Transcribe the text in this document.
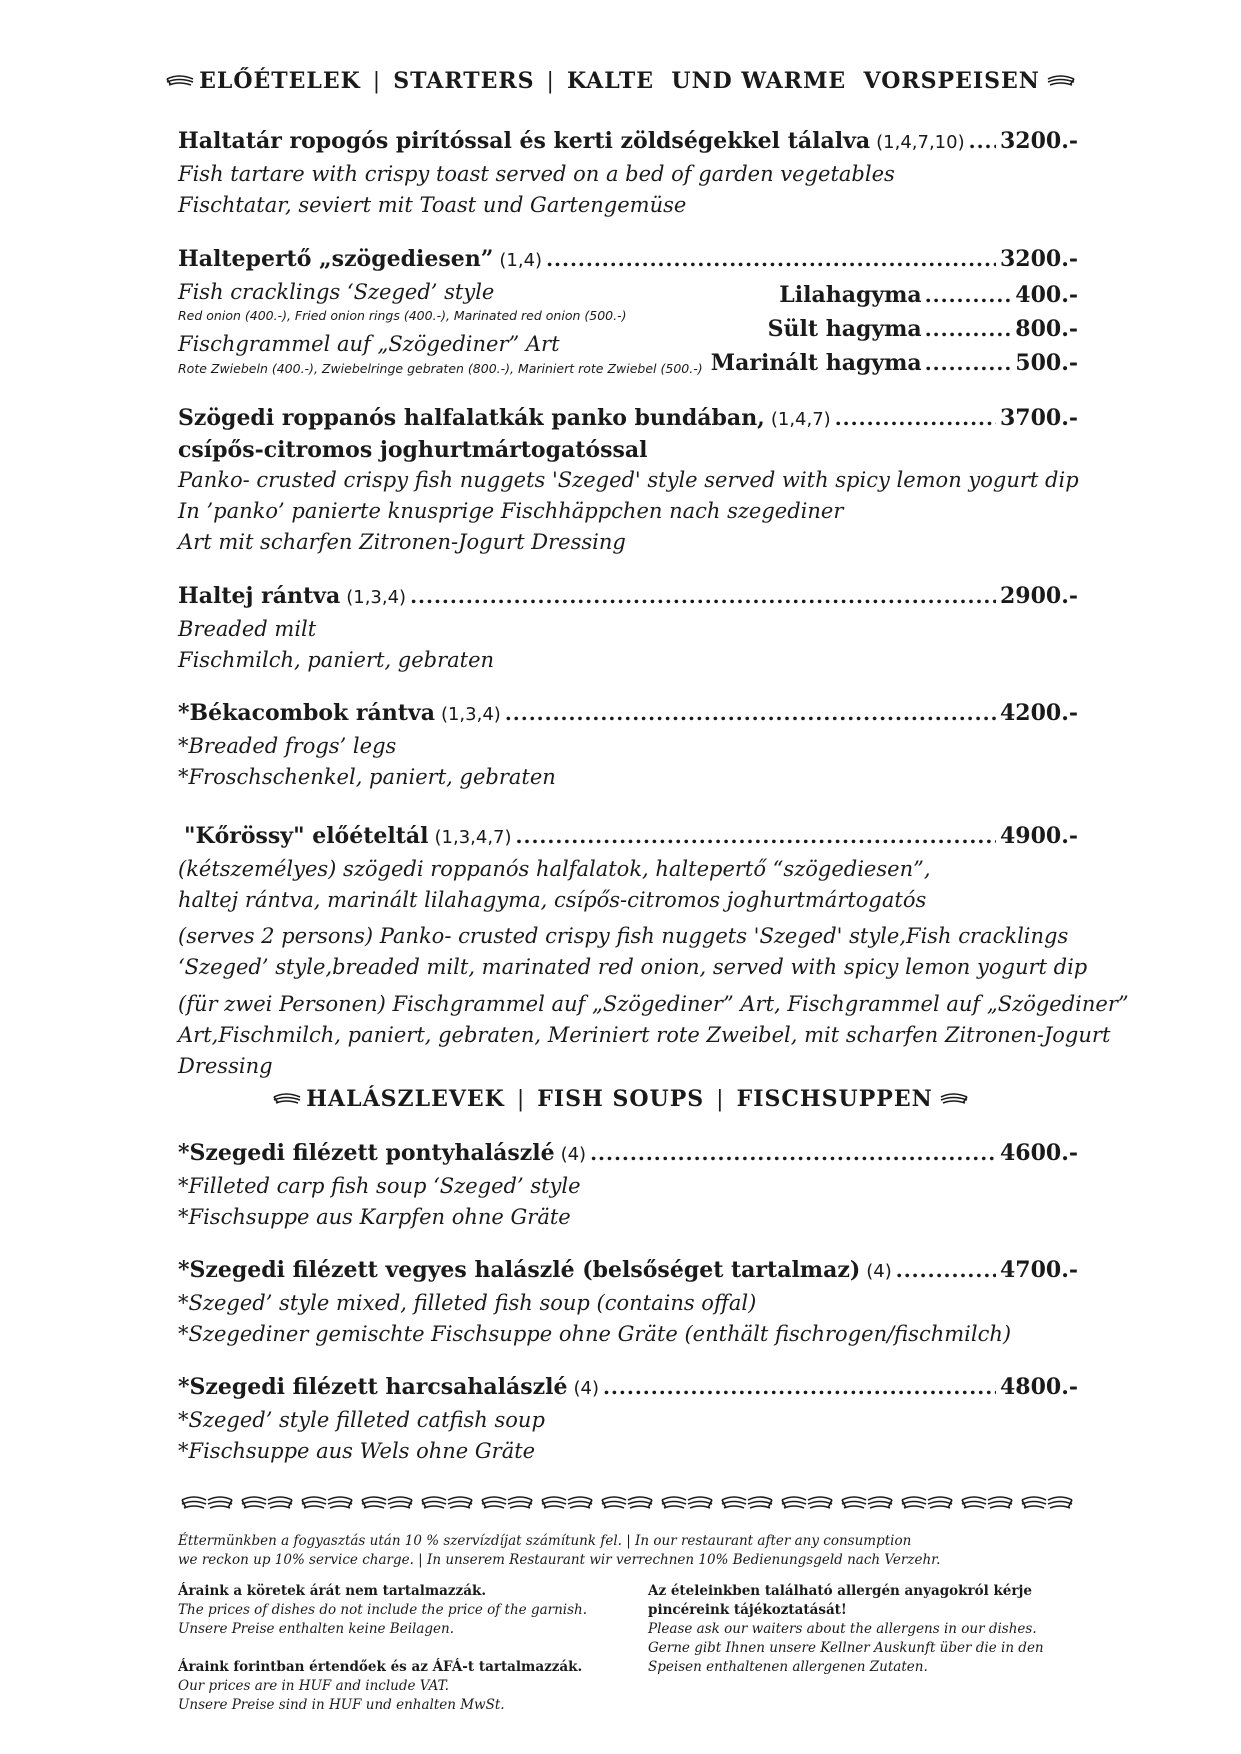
ELŐÉTELEK | STARTERS | KALTE  UND WARME  VORSPEISEN
Haltatár ropogós pirítóssal és kerti zöldségekkel tálalva (1,4,7,10) ..... 3200.-
Fish tartare with crispy toast served on a bed of garden vegetables
Fischtatar, seviert mit Toast und Gartengemüse
Haltepertő „szögediesen” (1,4) .....	3200.-
Fish cracklings ‘Szeged’ style
Red onion (400.-), Fried onion rings (400.-), Marinated red onion (500.-)
Fischgrammel auf „Szögediner” Art
Rote Zwiebeln (400.-), Zwiebelringe gebraten (800.-), Mariniert rote Zwiebel (500.-)
Lilahagyma ........... 400.-
Sült hagyma ........... 800.-
Marinált hagyma ........... 500.-
Szögedi roppanós halfalatkák panko bundában, (1,4,7) .....	3700.-
csípős-citromos joghurtmártogatóssal
Panko- crusted crispy fish nuggets 'Szeged' style served with spicy lemon yogurt dip
In ’panko’ panierte knusprige Fischhäppchen nach szegediner
Art mit scharfen Zitronen-Jogurt Dressing
Haltej rántva (1,3,4) .....	2900.-
Breaded milt
Fischmilch, paniert, gebraten
*Békacombok rántva (1,3,4) .....	4200.-
*Breaded frogs’ legs
*Froschschenkel, paniert, gebraten
"Kőrössy" előételtál (1,3,4,7) .....	4900.-
(kétszemélyes) szögedi roppanós halfalatok, haltepertő “szögediesen”,
haltej rántva, marinált lilahagyma, csípős-citromos joghurtmártogatós
(serves 2 persons) Panko- crusted crispy fish nuggets 'Szeged' style,Fish cracklings
‘Szeged’ style,breaded milt, marinated red onion, served with spicy lemon yogurt dip
(für zwei Personen) Fischgrammel auf „Szögediner” Art, Fischgrammel auf „Szögediner”
Art,Fischmilch, paniert, gebraten, Meriniert rote Zweibel, mit scharfen Zitronen-Jogurt
Dressing
HALÁSZLEVEK | FISH SOUPS | FISCHSUPPEN
*Szegedi filézett pontyhalászlé (4) .....	4600.-
*Filleted carp fish soup ‘Szeged’ style
*Fischsuppe aus Karpfen ohne Gräte
*Szegedi filézett vegyes halászlé (belsőséget tartalmaz) (4) .....	4700.-
*Szeged’ style mixed, filleted fish soup (contains offal)
*Szegediner gemischte Fischsuppe ohne Gräte (enthält fischrogen/fischmilch)
*Szegedi filézett harcsahalászlé (4) .....	4800.-
*Szeged’ style filleted catfish soup
*Fischsuppe aus Wels ohne Gräte
Éttermünkben a fogyasztás után 10 % szervízdíjat számítunk fel. | In our restaurant after any consumption
we reckon up 10% service charge. | In unserem Restaurant wir verrechnen 10% Bedienungsgeld nach Verzehr.
Áraink a köretek árát nem tartalmazzák.
The prices of dishes do not include the price of the garnish.
Unsere Preise enthalten keine Beilagen.
Áraink forintban értendőek és az ÁFÁ-t tartalmazzák.
Our prices are in HUF and include VAT.
Unsere Preise sind in HUF und enhalten MwSt.
Az ételeinkben található allergén anyagokról kérje
pincéreink tájékoztatását!
Please ask our waiters about the allergens in our dishes.
Gerne gibt Ihnen unsere Kellner Auskunft über die in den
Speisen enthaltenen allergenen Zutaten.
